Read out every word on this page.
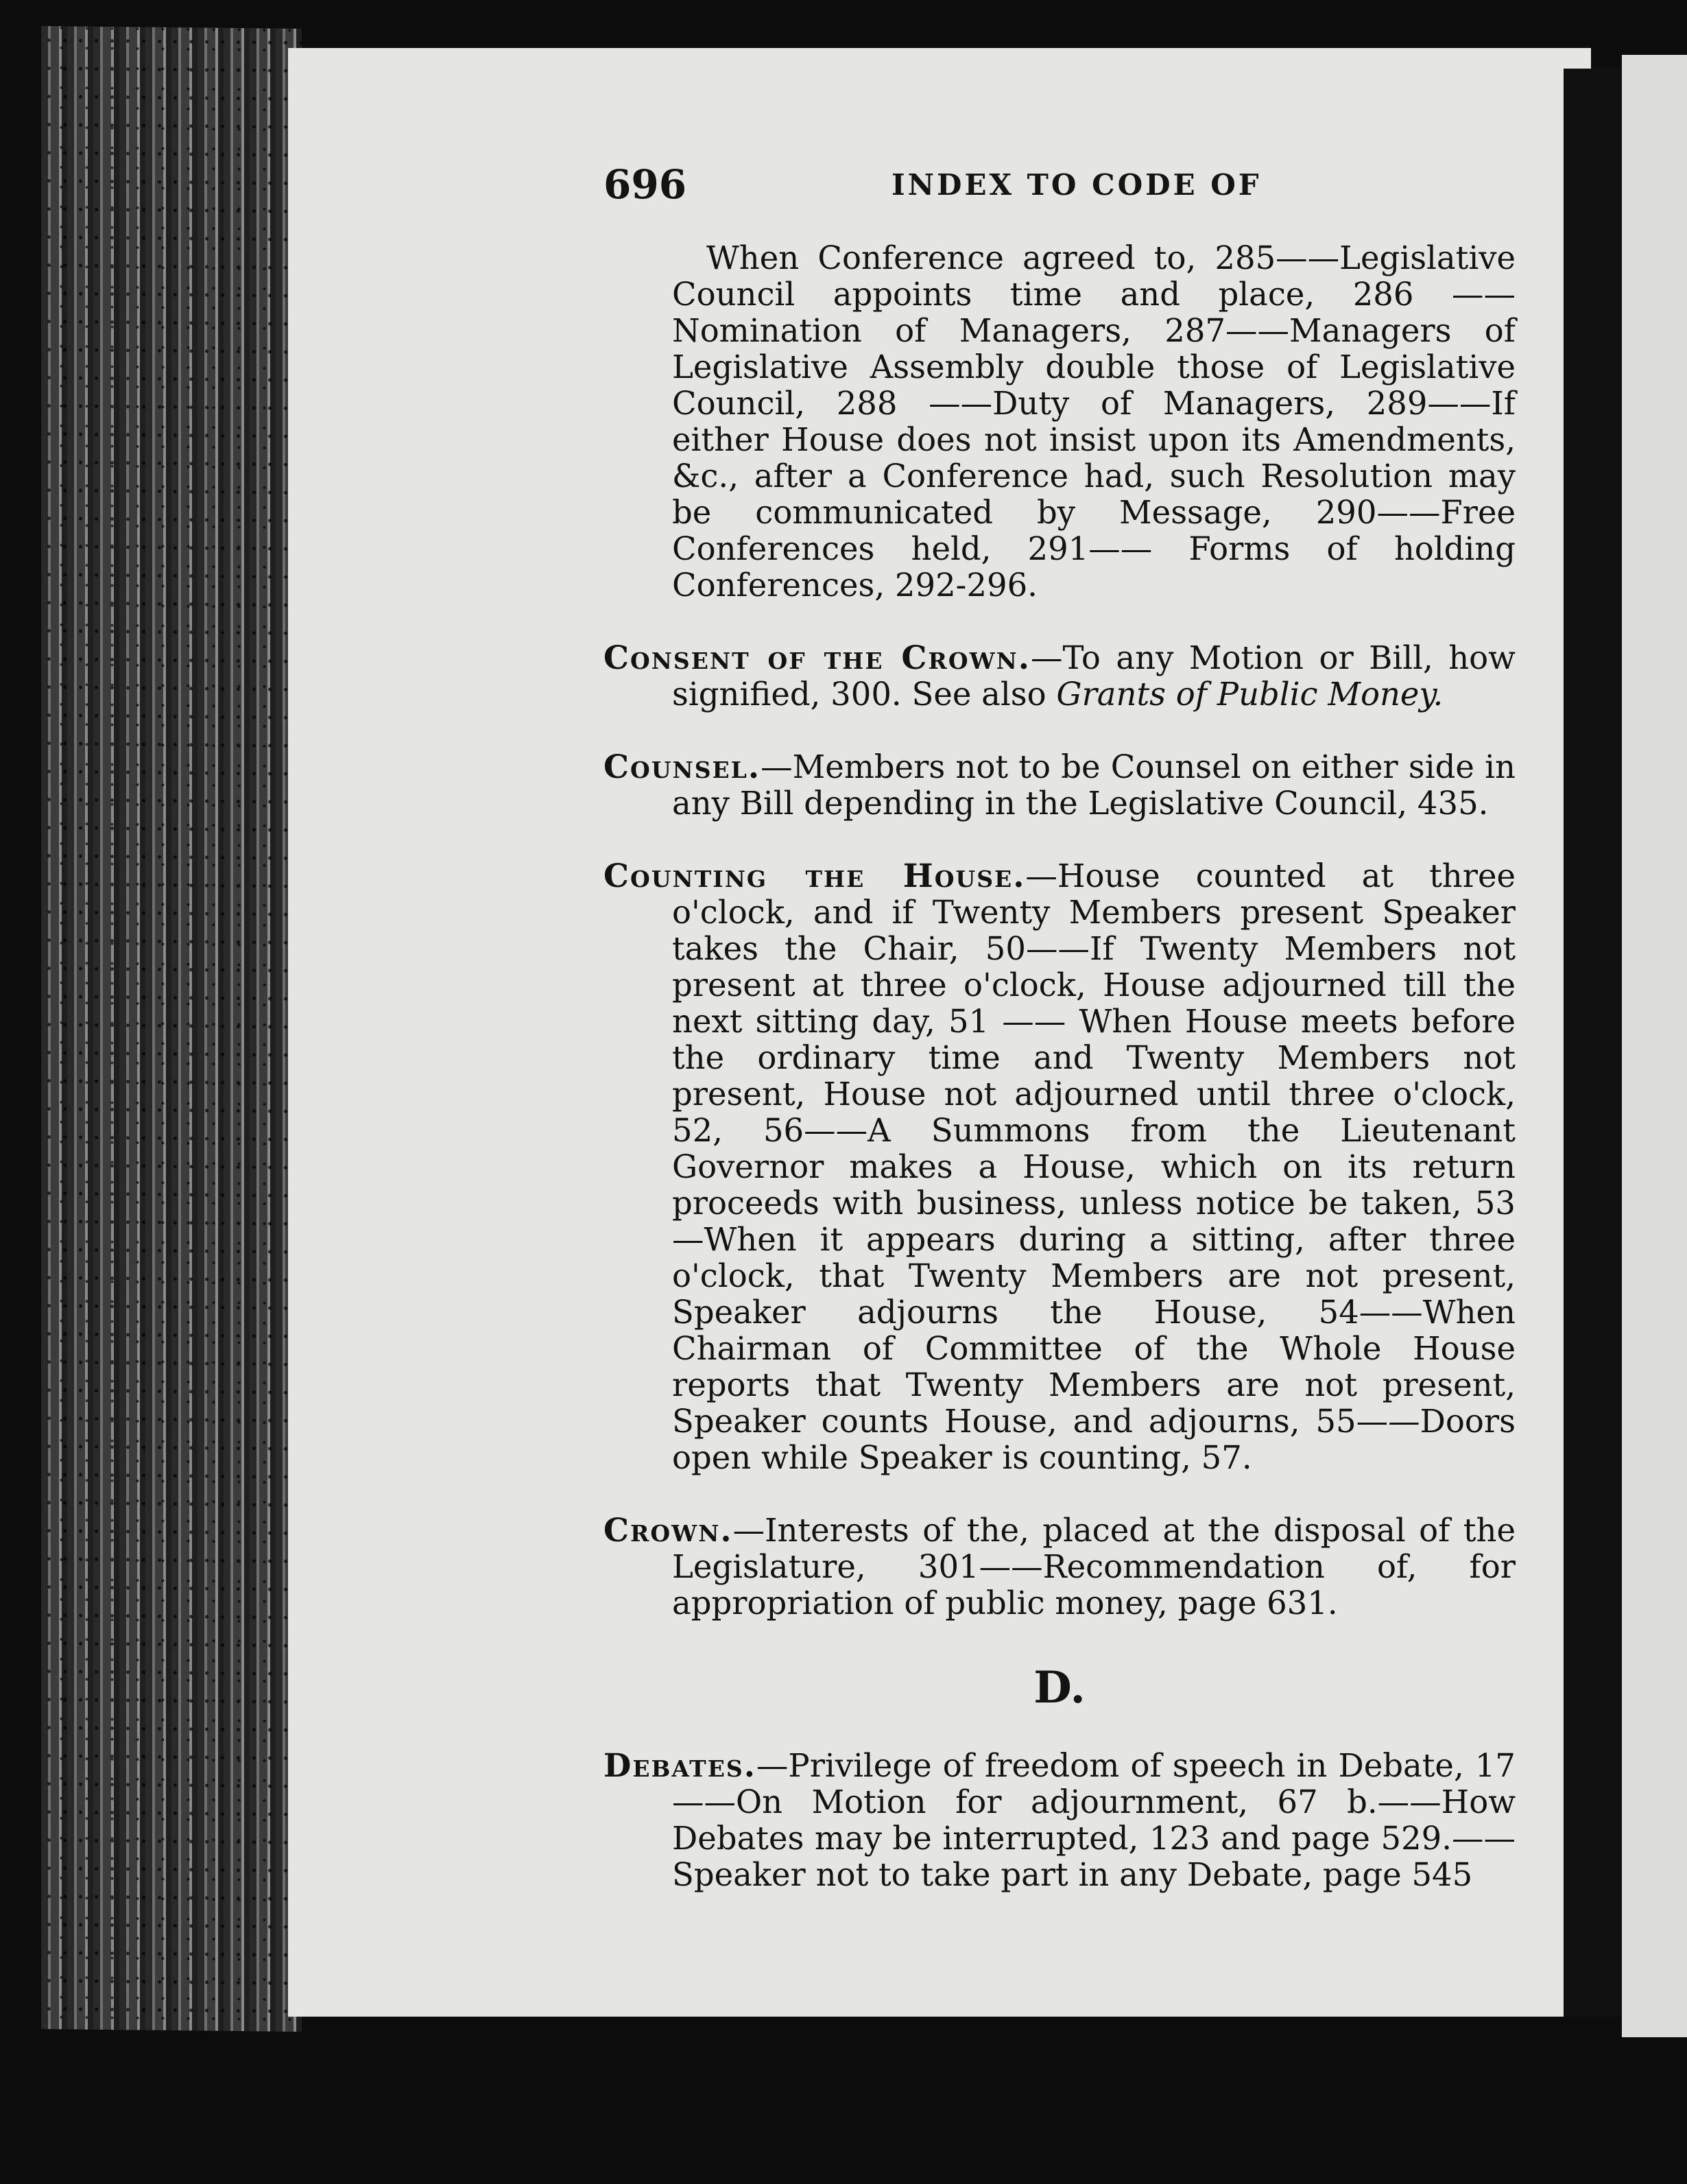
696	INDEX TO CODE OF

When Conference agreed to, 285——Legislative Council appoints time and place, 286 —— Nomination of Managers, 287——Managers of Legislative Assembly double those of Legislative Council, 288 ——Duty of Managers, 289——If either House does not insist upon its Amendments, &c., after a Conference had, such Resolution may be communicated by Message, 290——Free Conferences held, 291—— Forms of holding Conferences, 292-296.

Consent of the Crown.—To any Motion or Bill, how signified, 300. See also Grants of Public Money.

Counsel.—Members not to be Counsel on either side in any Bill depending in the Legislative Council, 435.

Counting the House.—House counted at three o'clock, and if Twenty Members present Speaker takes the Chair, 50——If Twenty Members not present at three o'clock, House adjourned till the next sitting day, 51 —— When House meets before the ordinary time and Twenty Members not present, House not adjourned until three o'clock, 52, 56——A Summons from the Lieutenant Governor makes a House, which on its return proceeds with business, unless notice be taken, 53—When it appears during a sitting, after three o'clock, that Twenty Members are not present, Speaker adjourns the House, 54——When Chairman of Committee of the Whole House reports that Twenty Members are not present, Speaker counts House, and adjourns, 55——Doors open while Speaker is counting, 57.

Crown.—Interests of the, placed at the disposal of the Legislature, 301——Recommendation of, for appropriation of public money, page 631.

D.

Debates.—Privilege of freedom of speech in Debate, 17 ——On Motion for adjournment, 67 b.——How Debates may be interrupted, 123 and page 529.—— Speaker not to take part in any Debate, page 545
